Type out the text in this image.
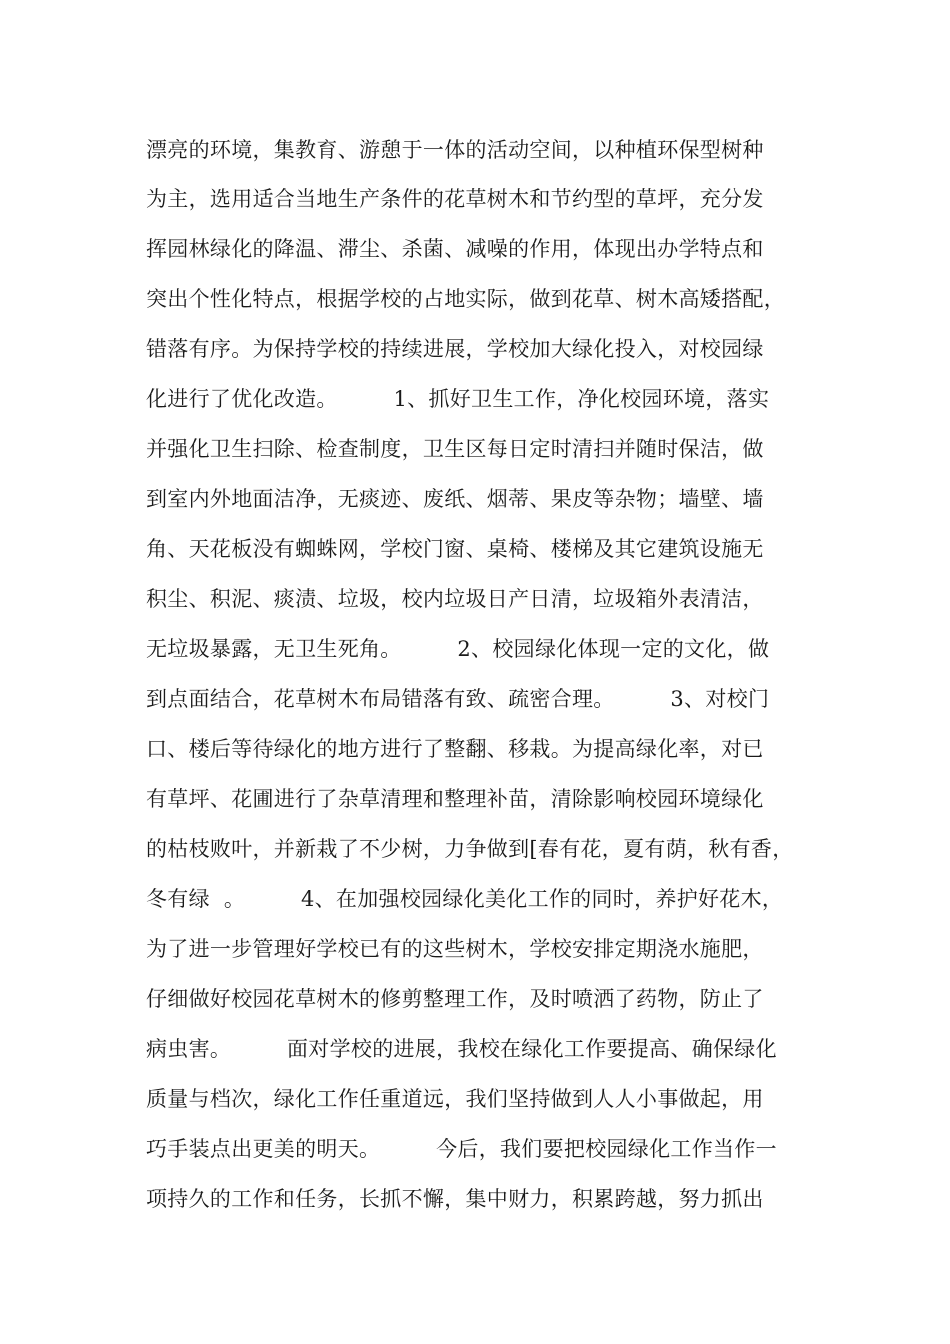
漂亮的环境，集教育、游憩于一体的活动空间，以种植环保型树种
为主，选用适合当地生产条件的花草树木和节约型的草坪，充分发
挥园林绿化的降温、滞尘、杀菌、减噪的作用，体现出办学特点和
突出个性化特点，根据学校的占地实际，做到花草、树木高矮搭配，
错落有序。为保持学校的持续进展，学校加大绿化投入，对校园绿
化进行了优化改造。        1、抓好卫生工作，净化校园环境，落实
并强化卫生扫除、检查制度，卫生区每日定时清扫并随时保洁，做
到室内外地面洁净，无痰迹、废纸、烟蒂、果皮等杂物；墙壁、墙
角、天花板没有蜘蛛网，学校门窗、桌椅、楼梯及其它建筑设施无
积尘、积泥、痰渍、垃圾，校内垃圾日产日清，垃圾箱外表清洁，
无垃圾暴露，无卫生死角。        2、校园绿化体现一定的文化，做
到点面结合，花草树木布局错落有致、疏密合理。        3、对校门
口、楼后等待绿化的地方进行了整翻、移栽。为提高绿化率，对已
有草坪、花圃进行了杂草清理和整理补苗，清除影响校园环境绿化
的枯枝败叶，并新栽了不少树，力争做到[春有花，夏有荫，秋有香，
冬有绿  。        4、在加强校园绿化美化工作的同时，养护好花木，
为了进一步管理好学校已有的这些树木，学校安排定期浇水施肥，
仔细做好校园花草树木的修剪整理工作，及时喷洒了药物，防止了
病虫害。        面对学校的进展，我校在绿化工作要提高、确保绿化
质量与档次，绿化工作任重道远，我们坚持做到人人小事做起，用
巧手装点出更美的明天。        今后，我们要把校园绿化工作当作一
项持久的工作和任务，长抓不懈，集中财力，积累跨越，努力抓出
